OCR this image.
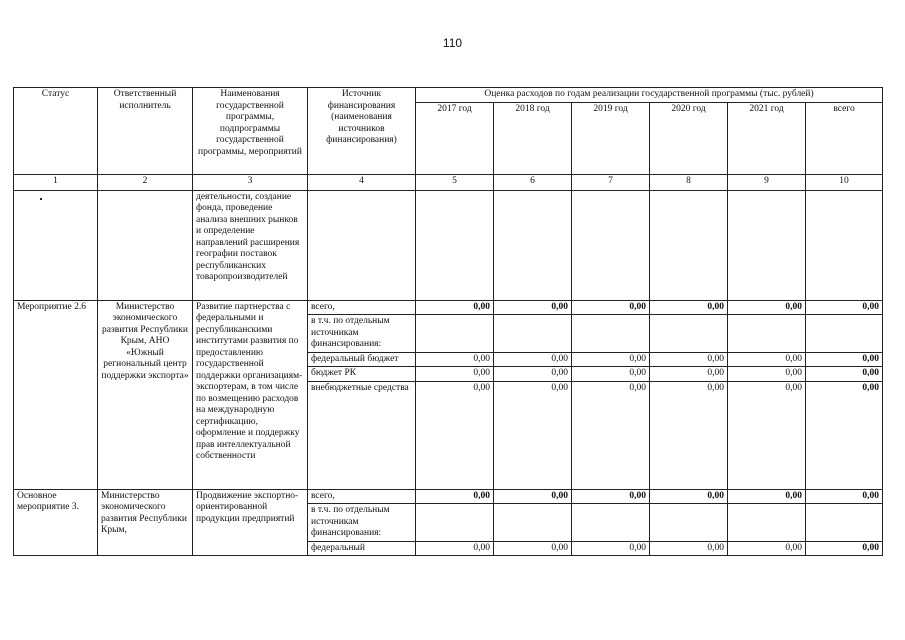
110
Статус	Ответственный исполнитель	Наименования государственной программы, подпрограммы государственной программы, мероприятий	Источник финансирования (наименования источников финансирования)	Оценка расходов по годам реализации государственной программы (тыс. рублей)					
				2017 год	2018 год	2019 год	2020 год	2021 год	всего
1	2	3	4	5	6	7	8	9	10
		деятельности, создание фонда, проведение анализа внешних рынков и определение направлений расширения географии поставок республиканских товаропроизводителей							
Мероприятие 2.6	Министерство экономического развития Республики Крым, АНО «Южный региональный центр поддержки экспорта»	Развитие партнерства с федеральными и республиканскими институтами развития по предоставлению государственной поддержки организациям-экспортерам, в том числе по возмещению расходов на международную сертификацию, оформление и поддержку прав интеллектуальной собственности	всего,	0,00	0,00	0,00	0,00	0,00	0,00
			в т.ч. по отдельным источникам финансирования:						
			федеральный бюджет	0,00	0,00	0,00	0,00	0,00	0,00
			бюджет РК	0,00	0,00	0,00	0,00	0,00	0,00
			внебюджетные средства	0,00	0,00	0,00	0,00	0,00	0,00
Основное мероприятие 3.	Министерство экономического развития Республики Крым,	Продвижение экспортно-ориентированной продукции предприятий	всего,	0,00	0,00	0,00	0,00	0,00	0,00
			в т.ч. по отдельным источникам финансирования:						
			федеральный	0,00	0,00	0,00	0,00	0,00	0,00
